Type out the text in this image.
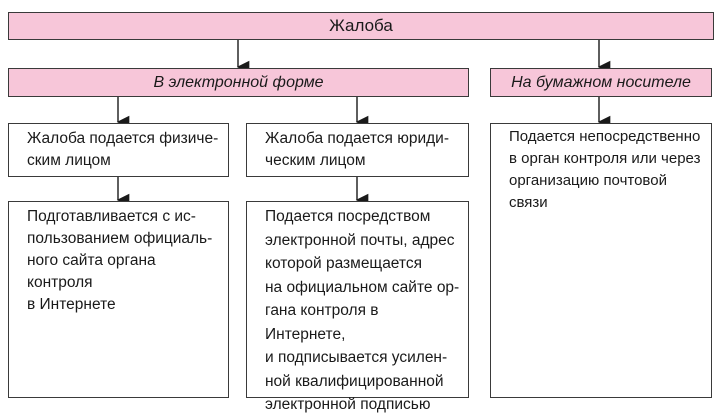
Жалоба
В электронной форме	На бумажном носителе
Жалоба подается физиче-
ским лицом
Жалоба подается юриди-
ческим лицом
Подается непосредственно
в орган контроля или через
организацию почтовой связи
Подготавливается с ис-
пользованием официаль-
ного сайта органа контроля
в Интернете
Подается посредством
электронной почты, адрес
которой размещается
на официальном сайте ор-
гана контроля в Интернете,
и подписывается усилен-
ной квалифицированной
электронной подписью
